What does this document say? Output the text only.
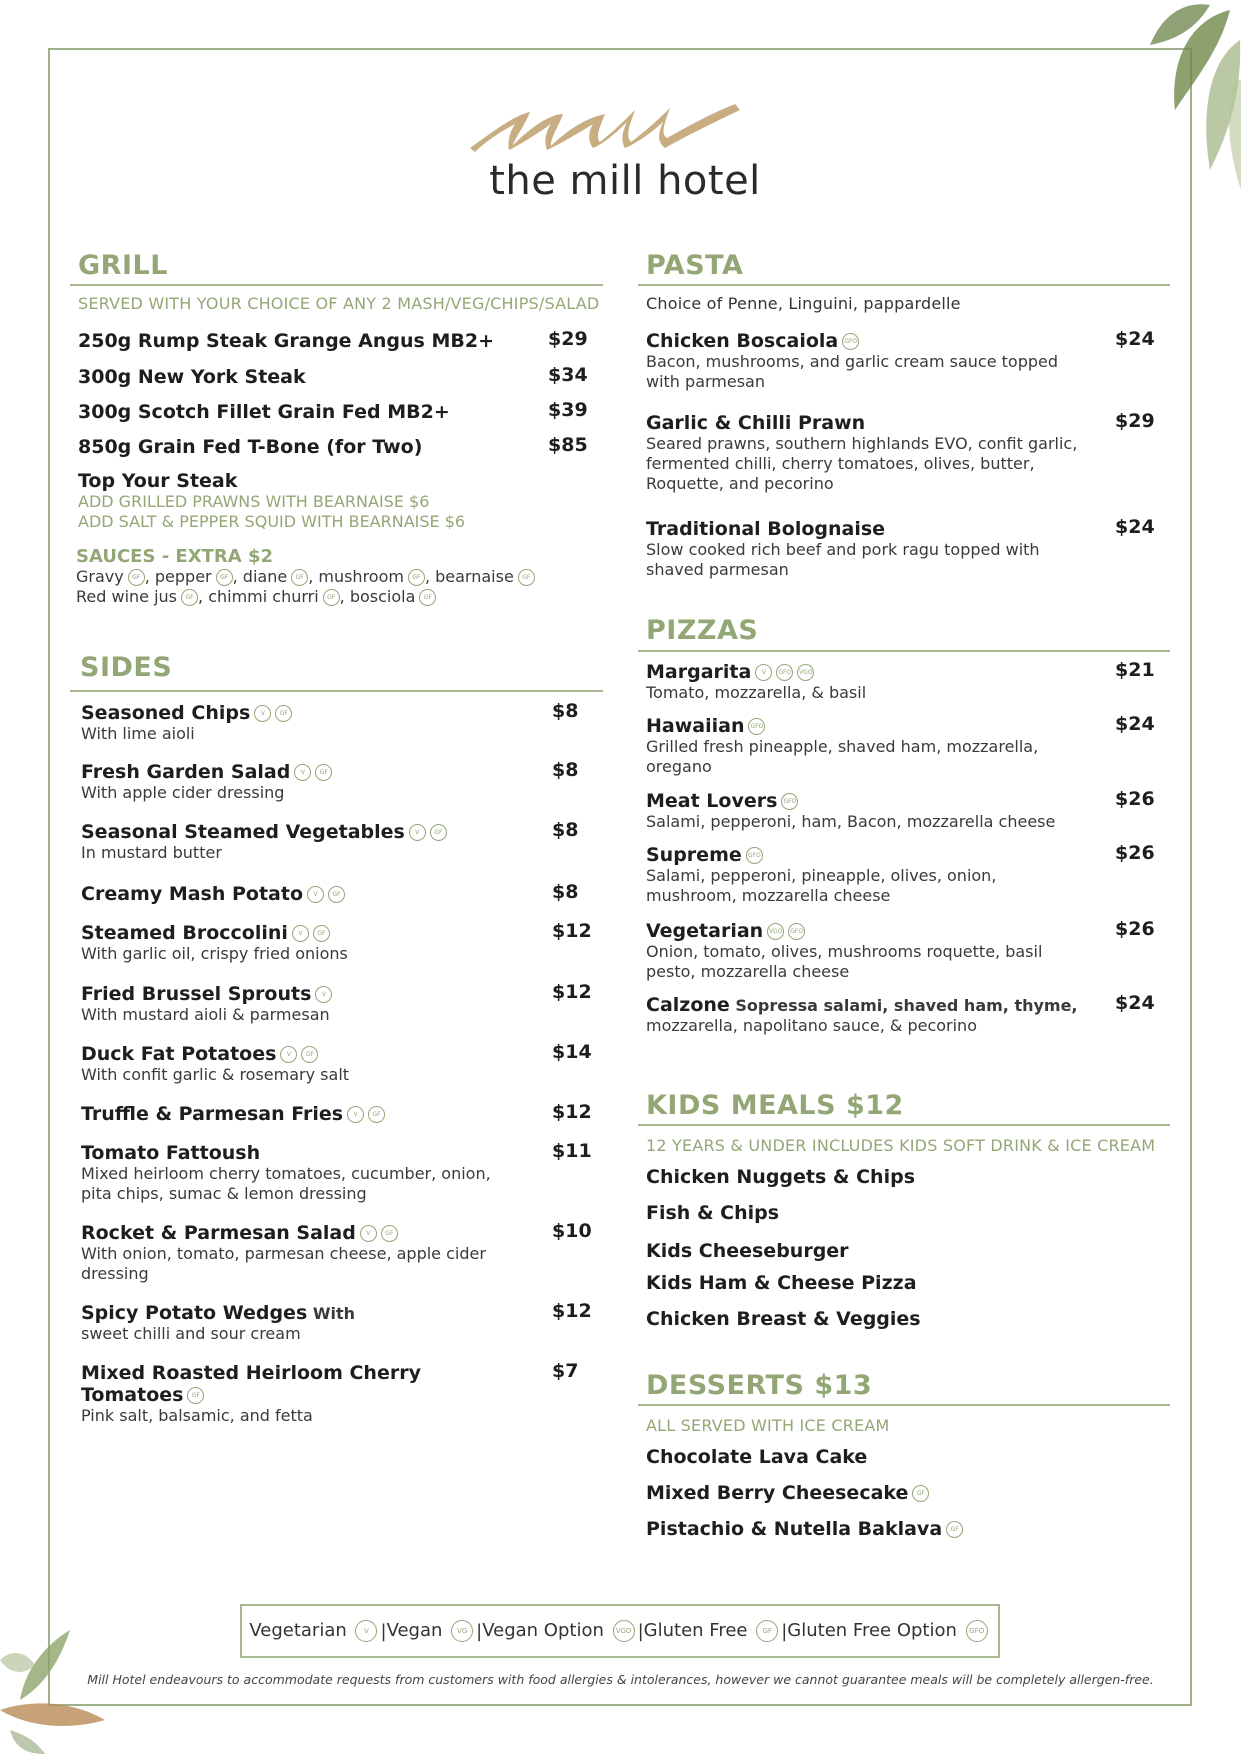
the mill hotel
GRILL
SERVED WITH YOUR CHOICE OF ANY 2 MASH/VEG/CHIPS/SALAD
250g Rump Steak Grange Angus MB2+	$29
300g New York Steak	$34
300g Scotch Fillet Grain Fed MB2+	$39
850g Grain Fed T-Bone (for Two)	$85
Top Your Steak
ADD GRILLED PRAWNS WITH BEARNAISE $6
ADD SALT & PEPPER SQUID WITH BEARNAISE $6
SAUCES - EXTRA $2
Gravy GF , pepper GF , diane GF , mushroom GF , bearnaise GF
Red wine jus GF , chimmi churri GF , bosciola GF
SIDES
Seasoned Chips V GF
With lime aioli
$8
Fresh Garden Salad V GF
With apple cider dressing
$8
Seasonal Steamed Vegetables V GF
In mustard butter
$8
Creamy Mash Potato V GF	$8
Steamed Broccolini V GF
With garlic oil, crispy fried onions
$12
Fried Brussel Sprouts V
With mustard aioli & parmesan
$12
Duck Fat Potatoes V GF
With confit garlic & rosemary salt
$14
Truffle & Parmesan Fries V GF	$12
Tomato Fattoush
Mixed heirloom cherry tomatoes, cucumber, onion, pita chips, sumac & lemon dressing
$11
Rocket & Parmesan Salad V GF
With onion, tomato, parmesan cheese, apple cider dressing
$10
Spicy Potato Wedges With
sweet chilli and sour cream
$12
Mixed Roasted Heirloom Cherry Tomatoes GF
Pink salt, balsamic, and fetta
$7
PASTA
Choice of Penne, Linguini, pappardelle
Chicken Boscaiola GFO
Bacon, mushrooms, and garlic cream sauce topped with parmesan
$24
Garlic & Chilli Prawn
Seared prawns, southern highlands EVO, confit garlic, fermented chilli, cherry tomatoes, olives, butter, Roquette, and pecorino
$29
Traditional Bolognaise
Slow cooked rich beef and pork ragu topped with shaved parmesan
$24
PIZZAS
Margarita V GFO VGO
Tomato, mozzarella, & basil
$21
Hawaiian GFO
Grilled fresh pineapple, shaved ham, mozzarella, oregano
$24
Meat Lovers GFO
Salami, pepperoni, ham, Bacon, mozzarella cheese
$26
Supreme GFO
Salami, pepperoni, pineapple, olives, onion, mushroom, mozzarella cheese
$26
Vegetarian VGO GFO
Onion, tomato, olives, mushrooms roquette, basil pesto, mozzarella cheese
$26
Calzone Sopressa salami, shaved ham, thyme,
mozzarella, napolitano sauce, & pecorino
$24
KIDS MEALS $12
12 YEARS & UNDER INCLUDES KIDS SOFT DRINK & ICE CREAM
Chicken Nuggets & Chips
Fish & Chips
Kids Cheeseburger
Kids Ham & Cheese Pizza
Chicken Breast & Veggies
DESSERTS $13
ALL SERVED WITH ICE CREAM
Chocolate Lava Cake
Mixed Berry Cheesecake GF
Pistachio & Nutella Baklava GF
Vegetarian V | Vegan VG | Vegan Option VGO | Gluten Free GF | Gluten Free Option GFO
Mill Hotel endeavours to accommodate requests from customers with food allergies & intolerances, however we cannot guarantee meals will be completely allergen-free.
